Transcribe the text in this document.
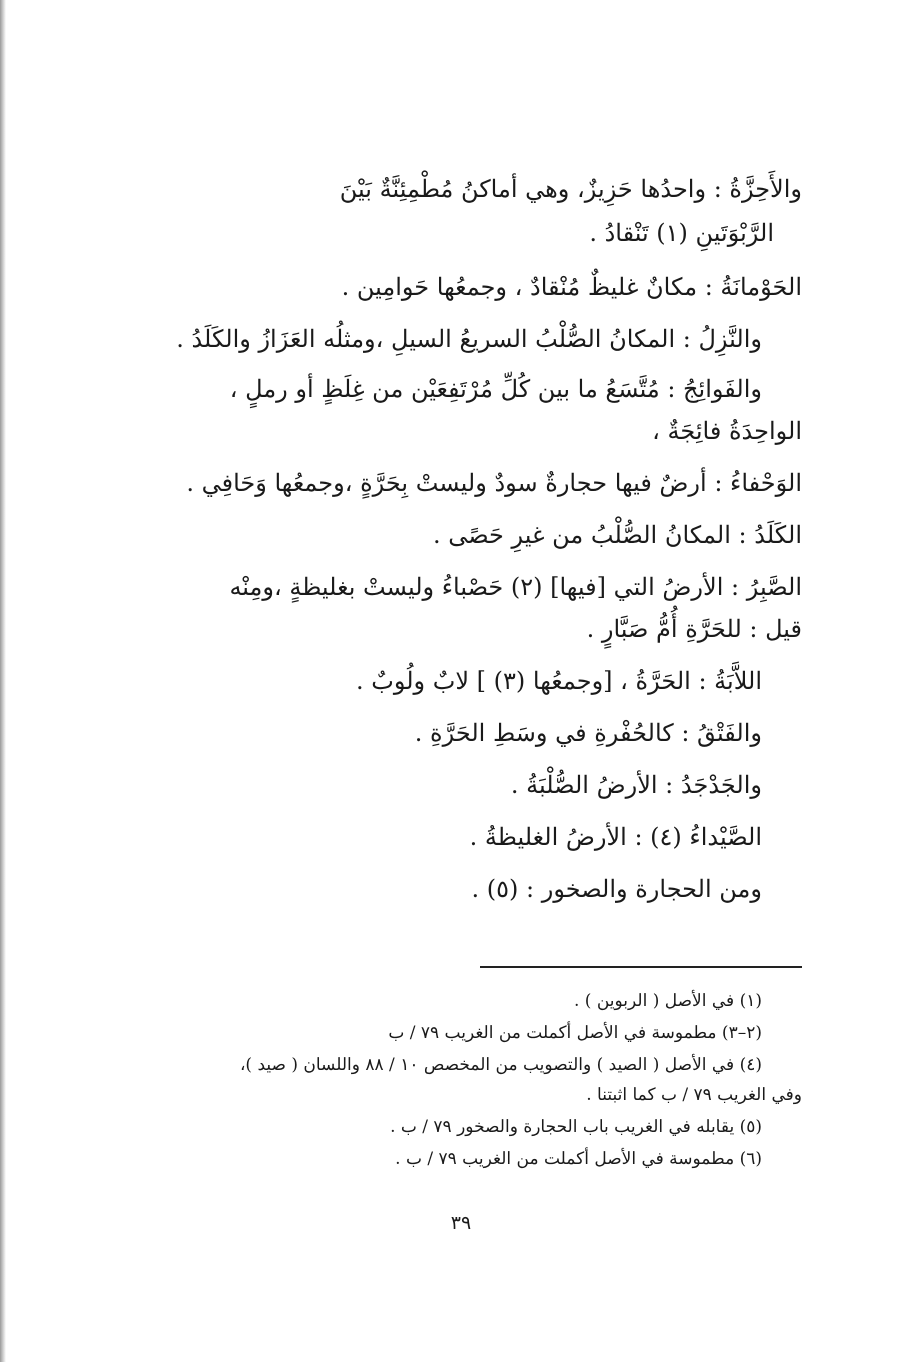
والأَحِزَّةُ : واحدُها حَزِيزٌ، وهي أماكنُ مُطْمِئِنَّةٌ بَيْنَ

الرَّبْوَتَينِ (١) تَنْقادُ .

الحَوْمانَةُ : مكانٌ غليظٌ مُنْقادٌ ، وجمعُها حَوامِين .

والنَّزِلُ : المكانُ الصُّلْبُ السريعُ السيلِ ،ومثلُه العَزَازُ والكَلَدُ .

والفَوائِجُ : مُتَّسَعُ ما بين كُلِّ مُرْتَفِعَيْن من غِلَظٍ أو رملٍ ،

الواحِدَةُ فائِجَةٌ ،

الوَحْفاءُ : أرضٌ فيها حجارةٌ سودٌ وليستْ بِحَرَّةٍ ،وجمعُها وَحَافِي .

الكَلَدُ : المكانُ الصُّلْبُ من غيرِ حَصًى .

الصَّبِرُ : الأرضُ التي [فيها] (٢) حَصْباءُ وليستْ بغليظةٍ ،ومِنْه

قيل : للحَرَّةِ أُمُّ صَبَّارٍ .

اللاَّبَةُ : الحَرَّةُ ، [وجمعُها (٣) ] لابٌ ولُوبٌ .

والفَتْقُ : كالحُفْرةِ في وسَطِ الحَرَّةِ .

والجَدْجَدُ : الأرضُ الصُّلْبَةُ .

الصَّيْداءُ (٤) : الأرضُ الغليظةُ .

ومن الحجارة والصخور : (٥) .

(١) في الأصل ( الربوين ) .

(٢–٣) مطموسة في الأصل أكملت من الغريب ٧٩ / ب

(٤) في الأصل ( الصيد ) والتصويب من المخصص ١٠ / ٨٨ واللسان ( صيد )،

وفي الغريب ٧٩ / ب كما اثبتنا .

(٥) يقابله في الغريب باب الحجارة والصخور ٧٩ / ب .

(٦) مطموسة في الأصل أكملت من الغريب ٧٩ / ب .

٣٩
